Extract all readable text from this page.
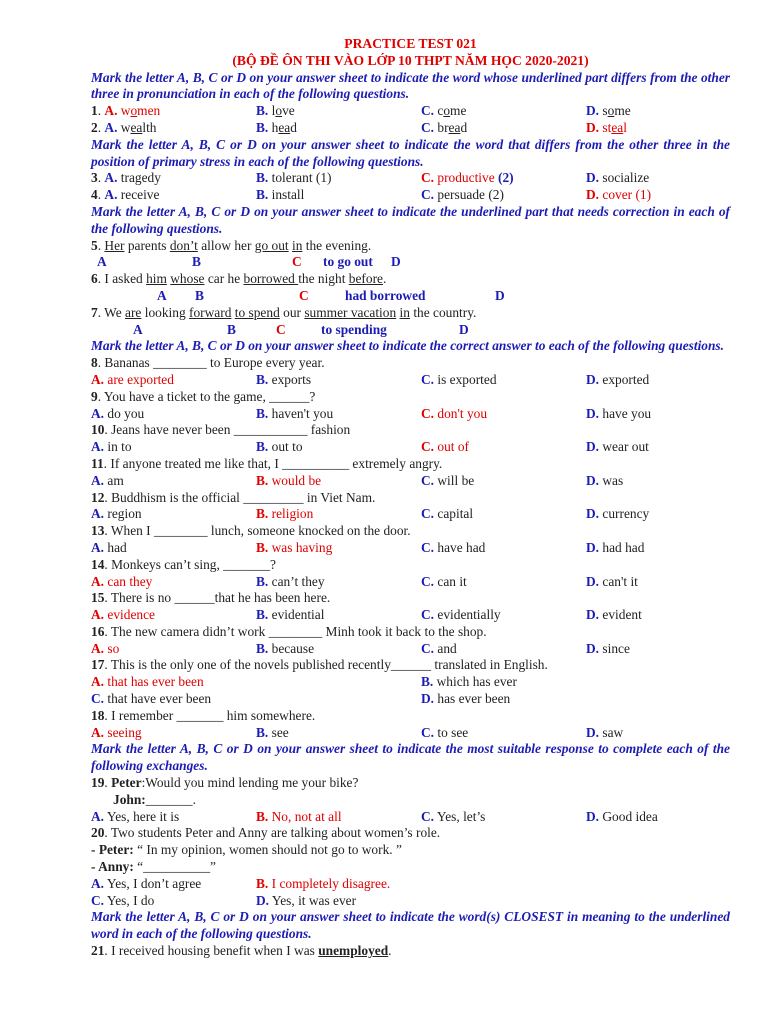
PRACTICE TEST 021
(BỘ ĐỀ ÔN THI VÀO LỚP 10 THPT NĂM HỌC 2020-2021)
Mark the letter A, B, C or D on your answer sheet to indicate the word whose underlined part differs from the other three in pronunciation in each of the following questions.
1. A. women	B. love	C. come	D. some
2. A. wealth	B. head	C. bread	D. steal
Mark the letter A, B, C or D on your answer sheet to indicate the word that differs from the other three in the position of primary stress in each of the following questions.
3. A. tragedy	B. tolerant (1)	C. productive (2)	D. socialize
4. A. receive	B. install	C. persuade (2)	D. cover (1)
Mark the letter A, B, C or D on your answer sheet to indicate the underlined part that needs correction in each of the following questions.
5. Her parents don’t allow her go out in the evening.
A	B	C to go out D
6. I asked him whose car he borrowed the night before.
A B	C	had borrowed	D
7. We are looking forward to spend our summer vacation in the country.
A	B	C	to spending	D
Mark the letter A, B, C or D on your answer sheet to indicate the correct answer to each of the following questions.
8. Bananas ________ to Europe every year.
A. are exported	B. exports	C. is exported	D. exported
9. You have a ticket to the game, ______?
A. do you	B. haven't you	C. don't you	D. have you
10. Jeans have never been ___________ fashion
A. in to	B. out to	C. out of	D. wear out
11. If anyone treated me like that, I __________ extremely angry.
A. am	B. would be	C. will be	D. was
12. Buddhism is the official _________ in Viet Nam.
A. region	B. religion	C. capital	D. currency
13. When I ________ lunch, someone knocked on the door.
A. had	B. was having	C. have had	D. had had
14. Monkeys can’t sing, _______?
A. can they	B. can’t they	C. can it	D. can't it
15. There is no ______that he has been here.
A. evidence	B. evidential	C. evidentially	D. evident
16. The new camera didn’t work ________ Minh took it back to the shop.
A. so	B. because	C. and	D. since
17. This is the only one of the novels published recently______ translated in English.
A. that has ever been	B. which has ever
C. that have ever been	D. has ever been
18. I remember _______ him somewhere.
A. seeing	B. see	C. to see	D. saw
Mark the letter A, B, C or D on your answer sheet to indicate the most suitable response to complete each of the following exchanges.
19. Peter:Would you mind lending me your bike?
John:_______.
A. Yes, here it is	B. No, not at all	C. Yes, let’s	D. Good idea
20. Two students Peter and Anny are talking about women’s role.
- Peter: “ In my opinion, women should not go to work. ”
- Anny: “__________”
A. Yes, I don’t agree	B. I completely disagree.
C. Yes, I do	D. Yes, it was ever
Mark the letter A, B, C or D on your answer sheet to indicate the word(s) CLOSEST in meaning to the underlined word in each of the following questions.
21. I received housing benefit when I was unemployed.
